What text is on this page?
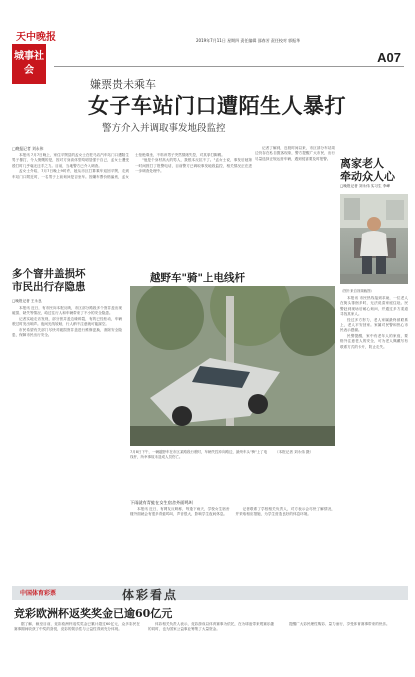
天中晚报
城事社会
2019年7月11日 星期四 责任编辑 邵春芳 责任校对 郭振华
A07
嫌票贵未乘车
女子车站门口遭陌生人暴打
警方介入并调取事发地段监控
□晚报记者 刘永伟

本报讯 7月7日晚上，家住平舆县的孟女士在驻马店汽车站门口遭陌生男子暴打，令人愤慨的是，因对方身高体型均明显强于自己，孟女士遭受殴打时几乎毫无还手之力。目前，当地警方已介入调查。

孟女士介绍，7月7日晚上9时许，她从市区打算乘车返回平舆，走到车站门口附近时，一名男子上前询问是否坐车。因嫌车票价格偏贵，孟女士拒绝乘坐，不料该男子突然情绪失控，对其拳打脚踢。

"他是个身材高大的男人，我根本反抗不了。"孟女士说，事发后她第一时间拨打了报警电话，目前警方已调取事发地段监控，相关情况正在进一步调查处理中。

记者了解到，近段时间以来，市区部分车站周边仍存在私自揽客现象，警方提醒广大市民，出行尽量选择正规运营车辆，遇到侵害要及时报警。 离家老人
牵动众人心
□晚报记者 刘永伟 实习生 李峰
（图片来自视频截图）

本报讯 市民热线接到求助，一位老人在街头徘徊多时，无法说清家庭住址。民警赶到现场后耐心询问，并通过多方渠道寻找其家人。

经过多方努力，老人家属最终被联系上，老人平安回家。家属对民警和热心市民表示感谢。

民警提醒，家中有老年人的家庭，要格外注意老人的安全，可为老人佩戴写有联系方式的卡片，防止走失。

多个窨井盖损坏
市民出行存隐患
□晚报记者 王永良

本报讯 近日，有市民向本报反映，市区部分路段多个窨井盖出现破损、缺失等情况，给过往行人和车辆带来了不小的安全隐患。

记者实地走访发现，部分窨井盖边缘碎裂，有的已经松动，车辆驶过时发出响声。夜间光线较暗，行人稍不注意就可能踩空。

市民希望有关部门尽快对破损窨井盖进行维修更换，消除安全隐患，保障市民出行安全。

越野车"骑"上电线杆
7月8日下午，一辆越野车在市区某路段行驶时，车辆失控冲向路边，最终车头"骑"上了电线杆，所幸事故未造成人员伤亡。
（本报记者 刘永伟 摄）
下雨就有青蛙在女生宿舍外面鸣叫

本报讯 近日，有网友反映称，每逢下雨天，学校女生宿舍楼外面就会有很多青蛙鸣叫，声音很大，影响学生夜间休息。

记者联系了学校相关负责人，对方表示会尽快了解情况，并采取相应措施，为学生营造良好的休息环境。

中国体育彩票	体彩看点
竞彩欧洲杯返奖奖金已逾60亿元

据了解，截至目前，竞彩欧洲杯返奖奖金已累计超过60亿元，众多彩民在赛事期间收获了中奖的喜悦，竞彩的娱乐性与公益性得到充分体现。

体彩相关负责人表示，竞彩游戏以体育赛事为依托，在为球迷带来观赛乐趣的同时，也为国家公益事业筹集了大量资金。

提醒广大彩民理性购彩、量力而行，享受体育赛事带来的快乐。
